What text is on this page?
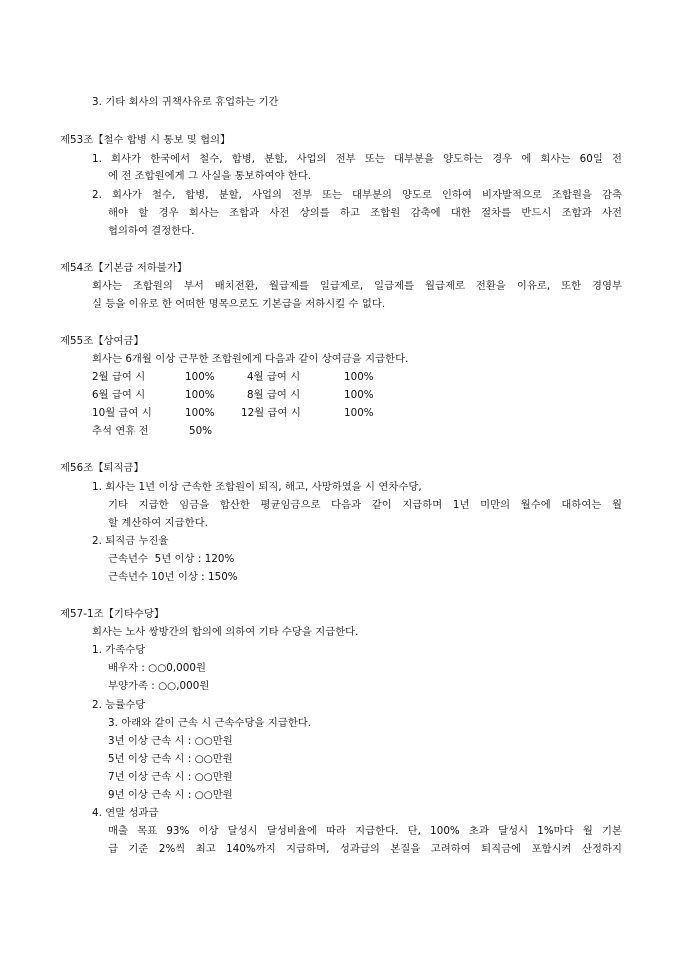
3. 기타 회사의 귀책사유로 휴업하는 기간
제53조【철수 합병 시 통보 및 협의】
1. 회사가 한국에서 철수, 합병, 분할, 사업의 전부 또는 대부분을 양도하는 경우 에 회사는 60일 전
에 전 조합원에게 그 사실을 통보하여야 한다.
2. 회사가 철수, 합병, 분할, 사업의 전부 또는 대부분의 양도로 인하여 비자발적으로 조합원을 감축
해야 할 경우 회사는 조합과 사전 상의를 하고 조합원 감축에 대한 절차를 반드시 조합과 사전
협의하여 결정한다.
제54조【기본급 저하불가】
회사는 조합원의 부서 배치전환, 월급제를 일급제로, 일급제를 월급제로 전환을 이유로, 또한 경영부
실 등을 이유로 한 어떠한 명목으로도 기본급을 저하시킬 수 없다.
제55조【상여금】
회사는 6개월 이상 근무한 조합원에게 다음과 같이 상여금을 지급한다.
2월 급여 시	100%	4월 급여 시	100%
6월 급여 시	100%	8월 급여 시	100%
10월 급여 시	100%	12월 급여 시	100%
추석 연휴 전	50%
제56조【퇴직금】
1. 회사는 1년 이상 근속한 조합원이 퇴직, 해고, 사망하였을 시 연차수당,
기타 지급한 임금을 합산한 평균임금으로 다음과 같이 지급하며 1년 미만의 월수에 대하여는 월
할 계산하여 지급한다.
2. 퇴직금 누진율
근속년수  5년 이상 : 120%
근속년수 10년 이상 : 150%
제57-1조【기타수당】
회사는 노사 쌍방간의 합의에 의하여 기타 수당을 지급한다.
1. 가족수당
배우자 : ○○0,000원
부양가족 : ○○,000원
2. 능률수당
3. 아래와 같이 근속 시 근속수당을 지급한다.
3년 이상 근속 시 : ○○만원
5년 이상 근속 시 : ○○만원
7년 이상 근속 시 : ○○만원
9년 이상 근속 시 : ○○만원
4. 연말 성과급
매출 목표 93% 이상 달성시 달성비율에 따라 지급한다. 단, 100% 초과 달성시 1%마다 월 기본
급 기준 2%씩 최고 140%까지 지급하며, 성과급의 본질을 고려하여 퇴직금에 포함시켜 산정하지
